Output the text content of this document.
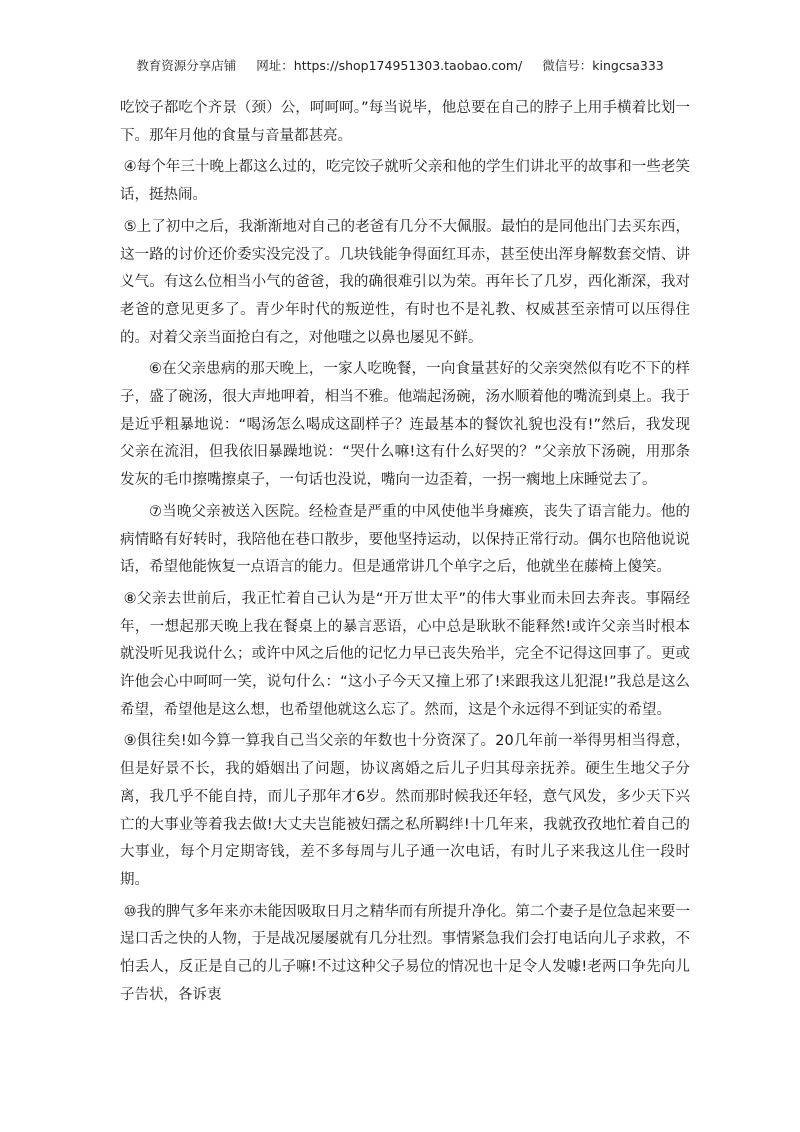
教育资源分享店铺 网址：https://shop174951303.taobao.com/ 微信号：kingcsa333

吃饺子都吃个齐景（颈）公，呵呵呵。”每当说毕，他总要在自己的脖子上用手横着比划一下。那年月他的食量与音量都甚亮。

④每个年三十晚上都这么过的，吃完饺子就听父亲和他的学生们讲北平的故事和一些老笑话，挺热闹。

⑤上了初中之后，我渐渐地对自己的老爸有几分不大佩服。最怕的是同他出门去买东西，这一路的讨价还价委实没完没了。几块钱能争得面红耳赤，甚至使出浑身解数套交情、讲义气。有这么位相当小气的爸爸，我的确很难引以为荣。再年长了几岁，西化渐深，我对老爸的意见更多了。青少年时代的叛逆性，有时也不是礼教、权威甚至亲情可以压得住的。对着父亲当面抢白有之，对他嗤之以鼻也屡见不鲜。

⑥在父亲患病的那天晚上，一家人吃晚餐，一向食量甚好的父亲突然似有吃不下的样子，盛了碗汤，很大声地呷着，相当不雅。他端起汤碗，汤水顺着他的嘴流到桌上。我于是近乎粗暴地说：“喝汤怎么喝成这副样子？连最基本的餐饮礼貌也没有!”然后，我发现父亲在流泪，但我依旧暴躁地说：“哭什么嘛!这有什么好哭的？”父亲放下汤碗，用那条发灰的毛巾擦嘴擦桌子，一句话也没说，嘴向一边歪着，一拐一瘸地上床睡觉去了。

⑦当晚父亲被送入医院。经检查是严重的中风使他半身瘫痪，丧失了语言能力。他的病情略有好转时，我陪他在巷口散步，要他坚持运动，以保持正常行动。偶尔也陪他说说话，希望他能恢复一点语言的能力。但是通常讲几个单字之后，他就坐在藤椅上傻笑。

⑧父亲去世前后，我正忙着自己认为是“开万世太平”的伟大事业而未回去奔丧。事隔经年，一想起那天晚上我在餐桌上的暴言恶语，心中总是耿耿不能释然!或许父亲当时根本就没听见我说什么；或许中风之后他的记忆力早已丧失殆半，完全不记得这回事了。更或许他会心中呵呵一笑，说句什么：“这小子今天又撞上邪了!来跟我这儿犯混!”我总是这么希望，希望他是这么想，也希望他就这么忘了。然而，这是个永远得不到证实的希望。

⑨俱往矣!如今算一算我自己当父亲的年数也十分资深了。20几年前一举得男相当得意，但是好景不长，我的婚姻出了问题，协议离婚之后儿子归其母亲抚养。硬生生地父子分离，我几乎不能自持，而儿子那年才6岁。然而那时候我还年轻，意气风发，多少天下兴亡的大事业等着我去做!大丈夫岂能被妇孺之私所羁绊!十几年来，我就孜孜地忙着自己的大事业，每个月定期寄钱，差不多每周与儿子通一次电话，有时儿子来我这儿住一段时期。

⑩我的脾气多年来亦未能因吸取日月之精华而有所提升净化。第二个妻子是位急起来要一逞口舌之快的人物，于是战况屡屡就有几分壮烈。事情紧急我们会打电话向儿子求救，不怕丢人，反正是自己的儿子嘛!不过这种父子易位的情况也十足令人发噱!老两口争先向儿子告状，各诉衷
